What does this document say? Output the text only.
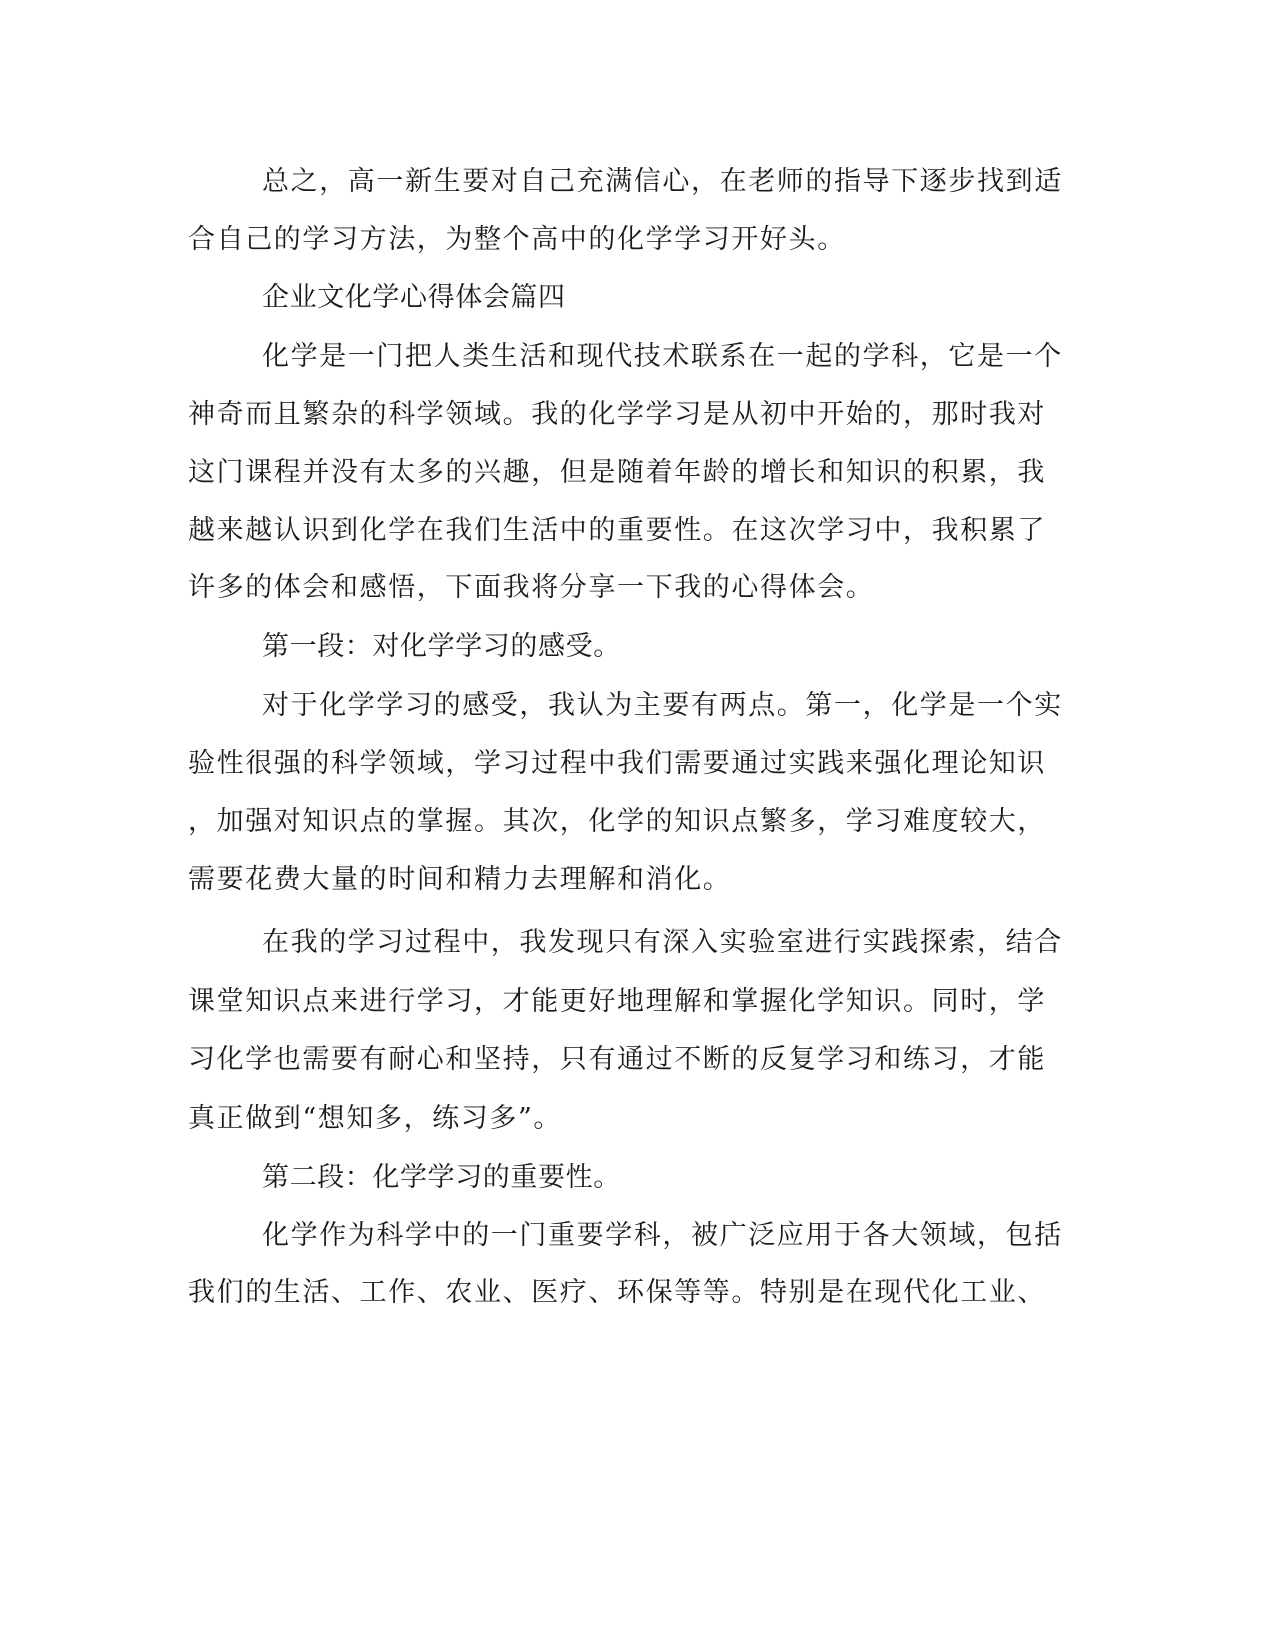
总之，高一新生要对自己充满信心，在老师的指导下逐步找到适
合自己的学习方法，为整个高中的化学学习开好头。
企业文化学心得体会篇四
化学是一门把人类生活和现代技术联系在一起的学科，它是一个
神奇而且繁杂的科学领域。我的化学学习是从初中开始的，那时我对
这门课程并没有太多的兴趣，但是随着年龄的增长和知识的积累，我
越来越认识到化学在我们生活中的重要性。在这次学习中，我积累了
许多的体会和感悟，下面我将分享一下我的心得体会。
第一段：对化学学习的感受。
对于化学学习的感受，我认为主要有两点。第一，化学是一个实
验性很强的科学领域，学习过程中我们需要通过实践来强化理论知识
，加强对知识点的掌握。其次，化学的知识点繁多，学习难度较大，
需要花费大量的时间和精力去理解和消化。
在我的学习过程中，我发现只有深入实验室进行实践探索，结合
课堂知识点来进行学习，才能更好地理解和掌握化学知识。同时，学
习化学也需要有耐心和坚持，只有通过不断的反复学习和练习，才能
真正做到“想知多，练习多”。
第二段：化学学习的重要性。
化学作为科学中的一门重要学科，被广泛应用于各大领域，包括
我们的生活、工作、农业、医疗、环保等等。特别是在现代化工业、
